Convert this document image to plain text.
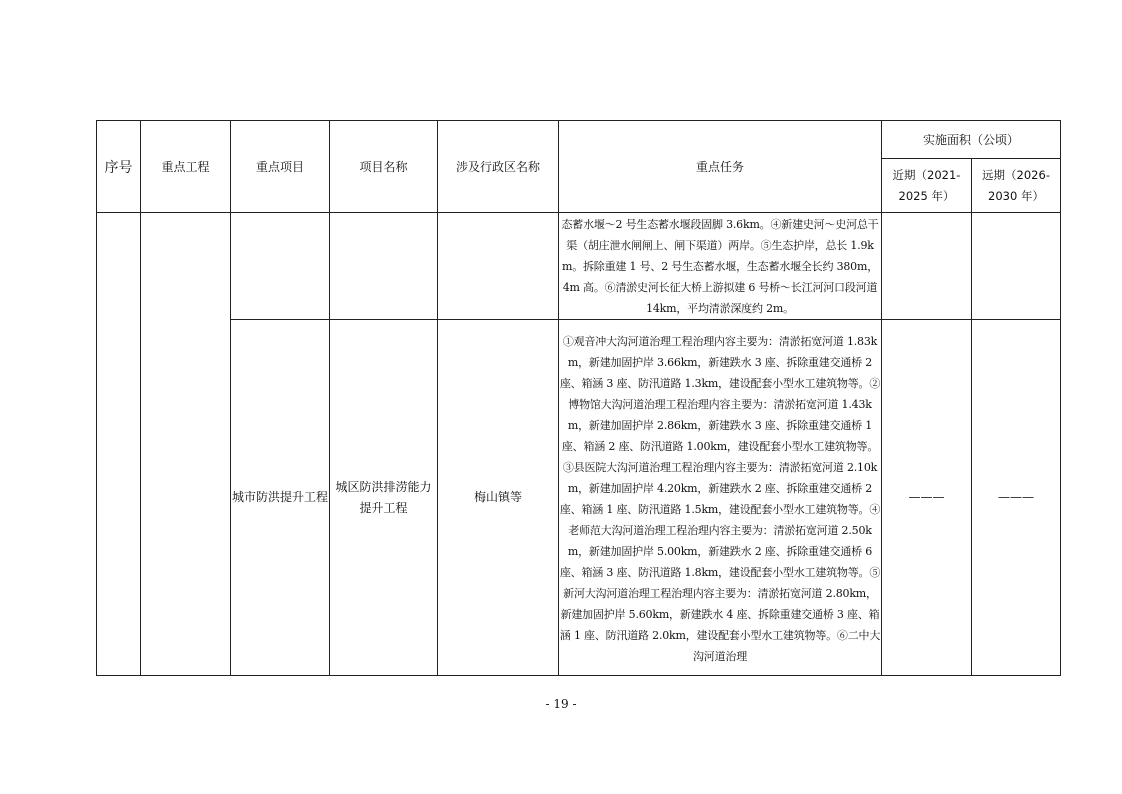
序号	重点工程	重点项目	项目名称	涉及行政区名称	重点任务	实施面积（公顷）	
						近期（2021-2025 年）	远期（2026-2030 年）
					态蓄水堰～2 号生态蓄水堰段固脚 3.6km。④新建史河～史河总干渠（胡庄泄水闸闸上、闸下渠道）两岸。⑤生态护岸，总长 1.9km。拆除重建 1 号、2 号生态蓄水堰，生态蓄水堰全长约 380m，4m 高。⑥清淤史河长征大桥上游拟建 6 号桥～长江河河口段河道 14km，平均清淤深度约 2m。		
		城市防洪提升工程	城区防洪排涝能力提升工程	梅山镇等	①观音冲大沟河道治理工程治理内容主要为：清淤拓宽河道 1.83km，新建加固护岸 3.66km，新建跌水 3 座、拆除重建交通桥 2 座、箱涵 3 座、防汛道路 1.3km，建设配套小型水工建筑物等。②博物馆大沟河道治理工程治理内容主要为：清淤拓宽河道 1.43km，新建加固护岸 2.86km，新建跌水 3 座、拆除重建交通桥 1 座、箱涵 2 座、防汛道路 1.00km，建设配套小型水工建筑物等。③县医院大沟河道治理工程治理内容主要为：清淤拓宽河道 2.10km，新建加固护岸 4.20km，新建跌水 2 座、拆除重建交通桥 2 座、箱涵 1 座、防汛道路 1.5km，建设配套小型水工建筑物等。④老师范大沟河道治理工程治理内容主要为：清淤拓宽河道 2.50km，新建加固护岸 5.00km，新建跌水 2 座、拆除重建交通桥 6 座、箱涵 3 座、防汛道路 1.8km，建设配套小型水工建筑物等。⑤新河大沟河道治理工程治理内容主要为：清淤拓宽河道 2.80km，新建加固护岸 5.60km，新建跌水 4 座、拆除重建交通桥 3 座、箱涵 1 座、防汛道路 2.0km，建设配套小型水工建筑物等。⑥二中大沟河道治理	———	———
- 19 -
